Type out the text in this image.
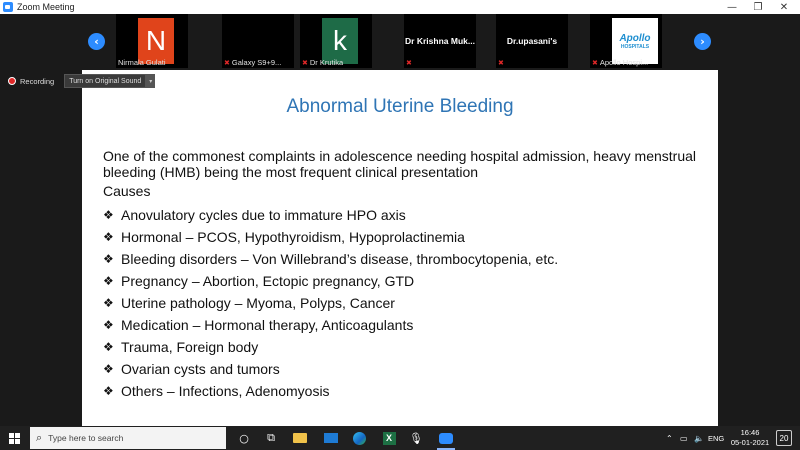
Zoom Meeting	—	❐	✕
‹ N
Nirmala Gulati	✖ Galaxy S9+9...
k
✖ Dr Krutika
Dr Krishna Muk...
✖
Dr.upasani's
✖
Apollo
HOSPITALS
✖ Apollo Hospi...
›
Abnormal Uterine Bleeding
One of the commonest complaints in adolescence needing hospital admission, heavy menstrual bleeding (HMB) being the most frequent clinical presentation
Causes
❖ Anovulatory cycles due to immature HPO axis
❖ Hormonal – PCOS, Hypothyroidism, Hypoprolactinemia
❖ Bleeding disorders – Von Willebrand’s disease, thrombocytopenia, etc.
❖ Pregnancy – Abortion, Ectopic pregnancy, GTD
❖ Uterine pathology – Myoma, Polyps, Cancer
❖ Medication – Hormonal therapy, Anticoagulants
❖ Trauma, Foreign body
❖ Ovarian cysts and tumors
❖ Others – Infections, Adenomyosis
Recording	Turn on Original Sound	▾
⌕ Type here to search	○	⧉	X	🎙	⌃ ▭ 🔈 ENG
16:46
05-01-2021	20
